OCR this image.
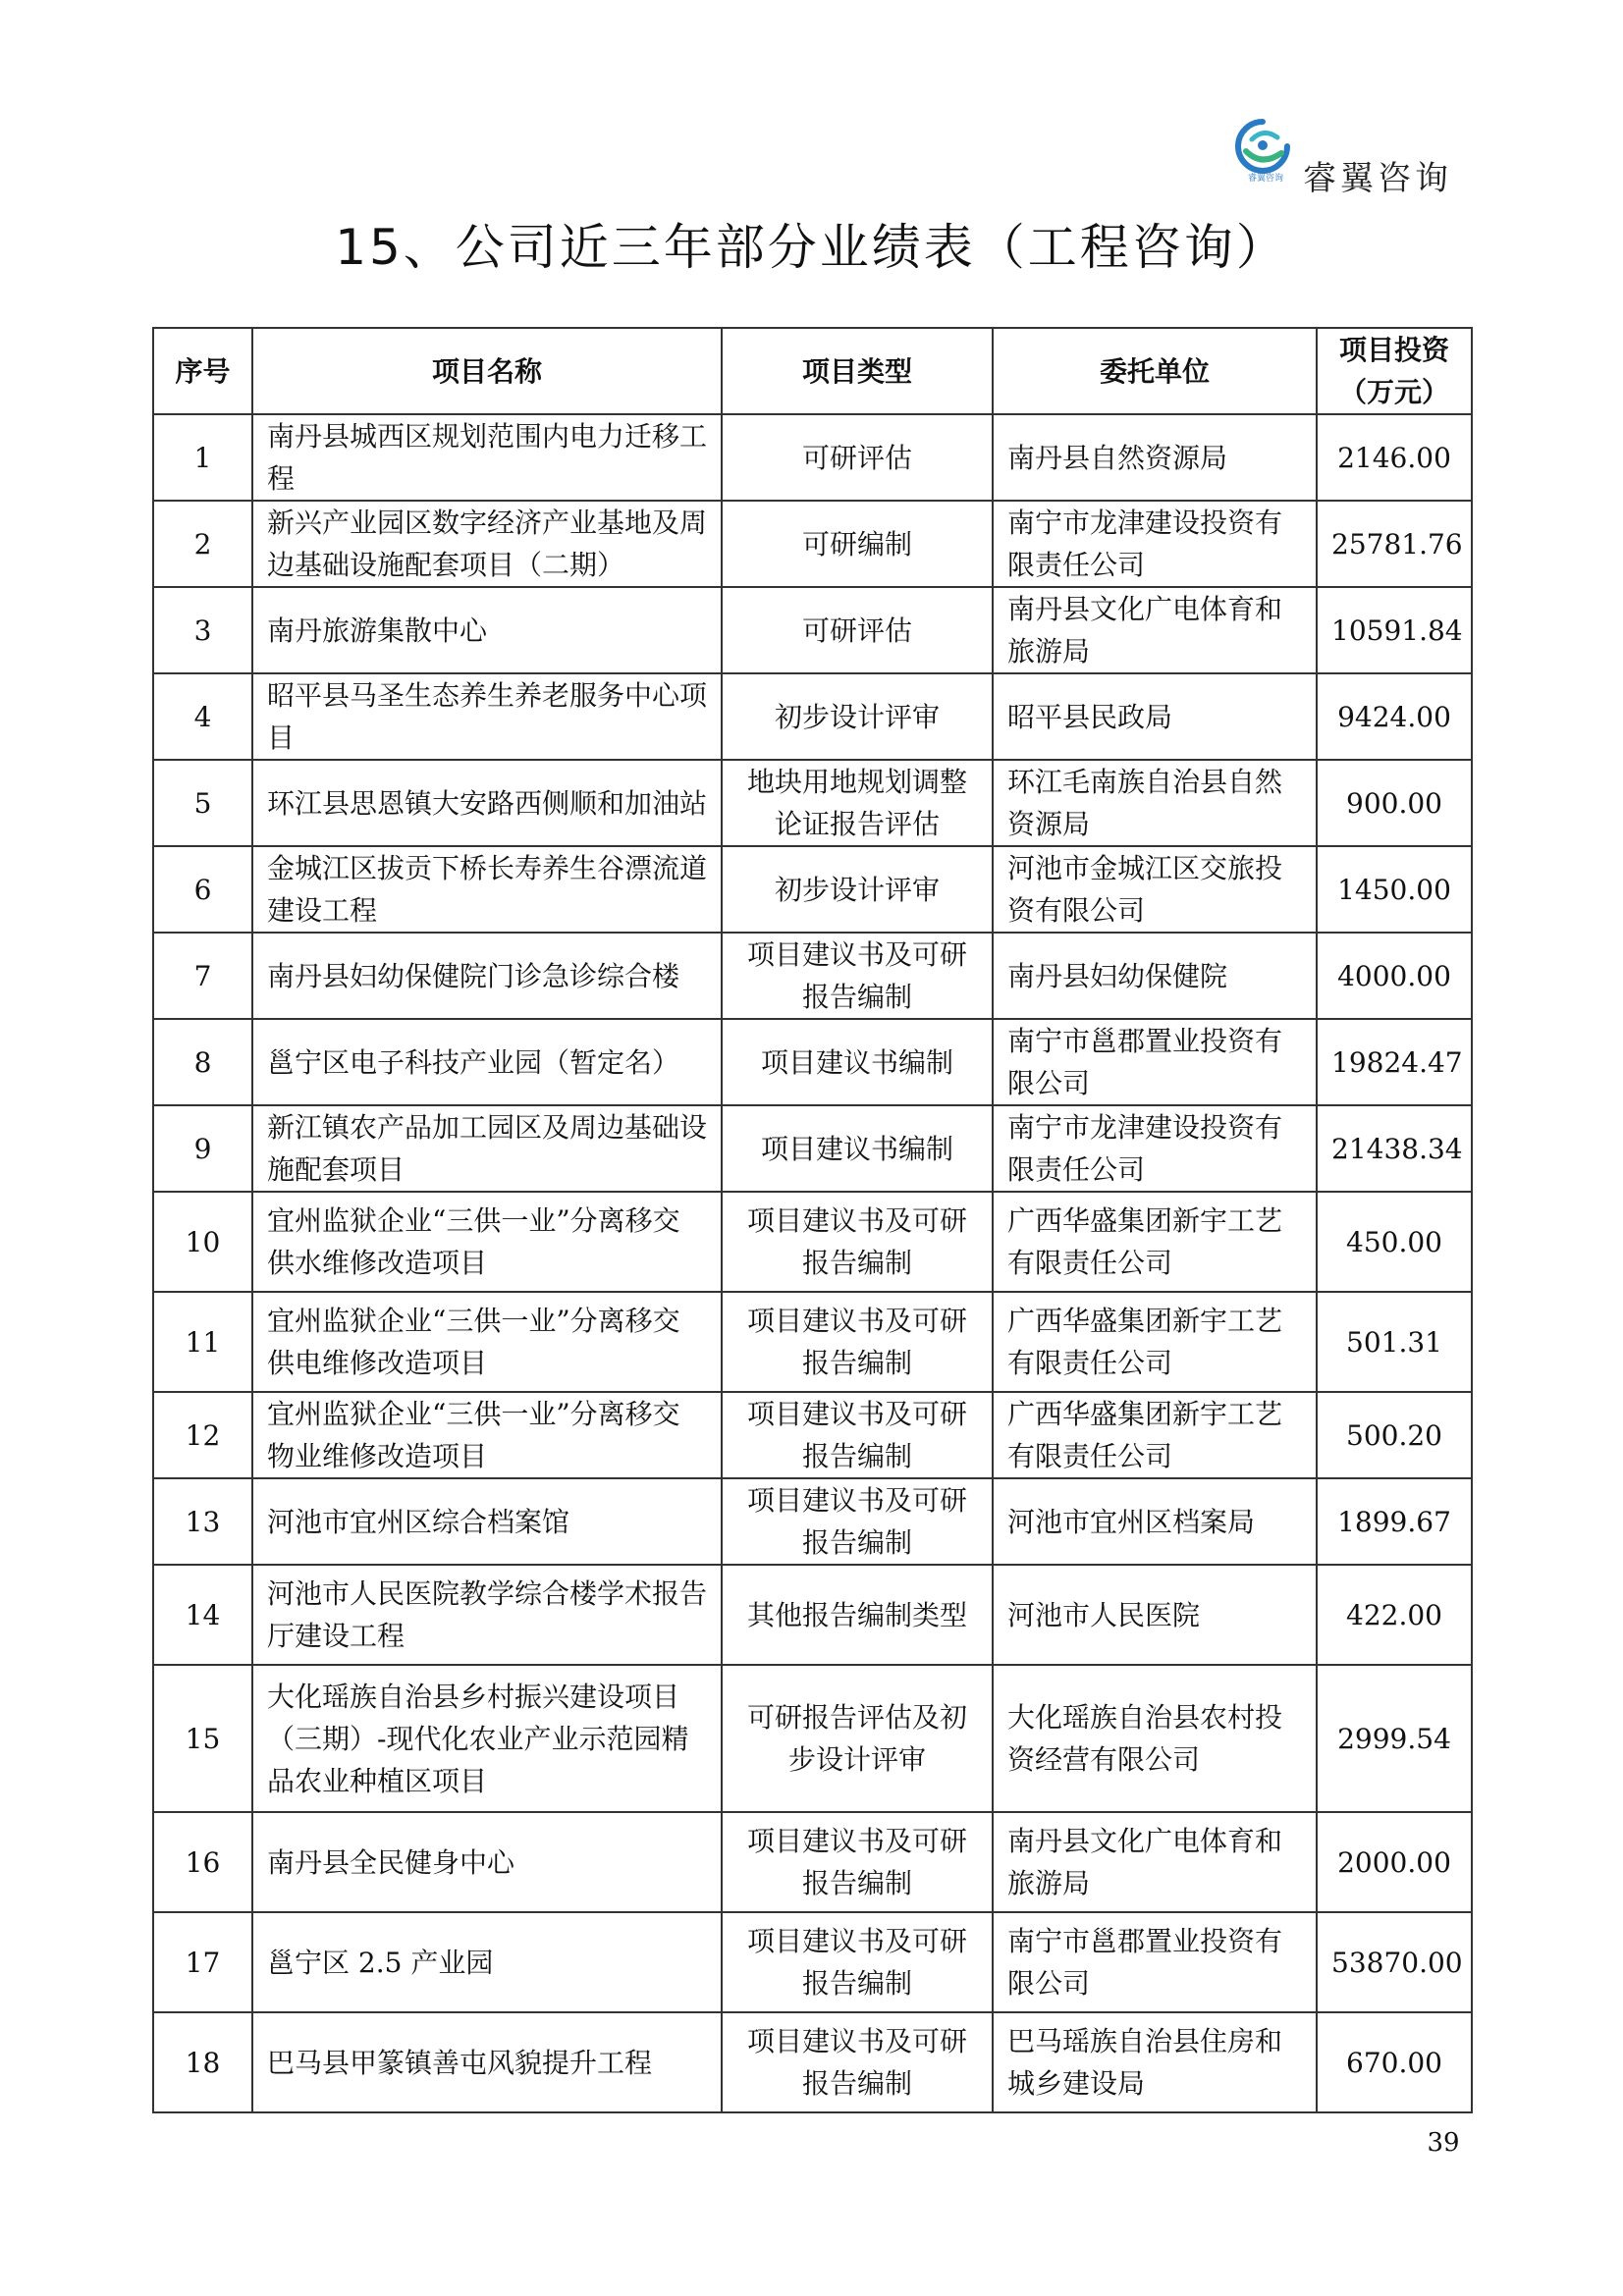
睿翼咨询 睿翼咨询
15、公司近三年部分业绩表（工程咨询）
序号	项目名称	项目类型	委托单位	项目投资
（万元）

1	南丹县城西区规划范围内电力迁移工程	可研评估	南丹县自然资源局	2146.00
2	新兴产业园区数字经济产业基地及周边基础设施配套项目（二期）	可研编制	南宁市龙津建设投资有限责任公司	25781.76
3	南丹旅游集散中心	可研评估	南丹县文化广电体育和旅游局	10591.84
4	昭平县马圣生态养生养老服务中心项目	初步设计评审	昭平县民政局	9424.00
5	环江县思恩镇大安路西侧顺和加油站	地块用地规划调整论证报告评估	环江毛南族自治县自然资源局	900.00
6	金城江区拔贡下桥长寿养生谷漂流道建设工程	初步设计评审	河池市金城江区交旅投资有限公司	1450.00
7	南丹县妇幼保健院门诊急诊综合楼	项目建议书及可研报告编制	南丹县妇幼保健院	4000.00
8	邕宁区电子科技产业园（暂定名）	项目建议书编制	南宁市邕郡置业投资有限公司	19824.47
9	新江镇农产品加工园区及周边基础设施配套项目	项目建议书编制	南宁市龙津建设投资有限责任公司	21438.34
10	宜州监狱企业“三供一业”分离移交供水维修改造项目	项目建议书及可研报告编制	广西华盛集团新宇工艺有限责任公司	450.00
11	宜州监狱企业“三供一业”分离移交供电维修改造项目	项目建议书及可研报告编制	广西华盛集团新宇工艺有限责任公司	501.31
12	宜州监狱企业“三供一业”分离移交物业维修改造项目	项目建议书及可研报告编制	广西华盛集团新宇工艺有限责任公司	500.20
13	河池市宜州区综合档案馆	项目建议书及可研报告编制	河池市宜州区档案局	1899.67
14	河池市人民医院教学综合楼学术报告厅建设工程	其他报告编制类型	河池市人民医院	422.00
15	大化瑶族自治县乡村振兴建设项目（三期）-现代化农业产业示范园精品农业种植区项目	可研报告评估及初步设计评审	大化瑶族自治县农村投资经营有限公司	2999.54
16	南丹县全民健身中心	项目建议书及可研报告编制	南丹县文化广电体育和旅游局	2000.00
17	邕宁区 2.5 产业园	项目建议书及可研报告编制	南宁市邕郡置业投资有限公司	53870.00
18	巴马县甲篆镇善屯风貌提升工程	项目建议书及可研报告编制	巴马瑶族自治县住房和城乡建设局	670.00
39
